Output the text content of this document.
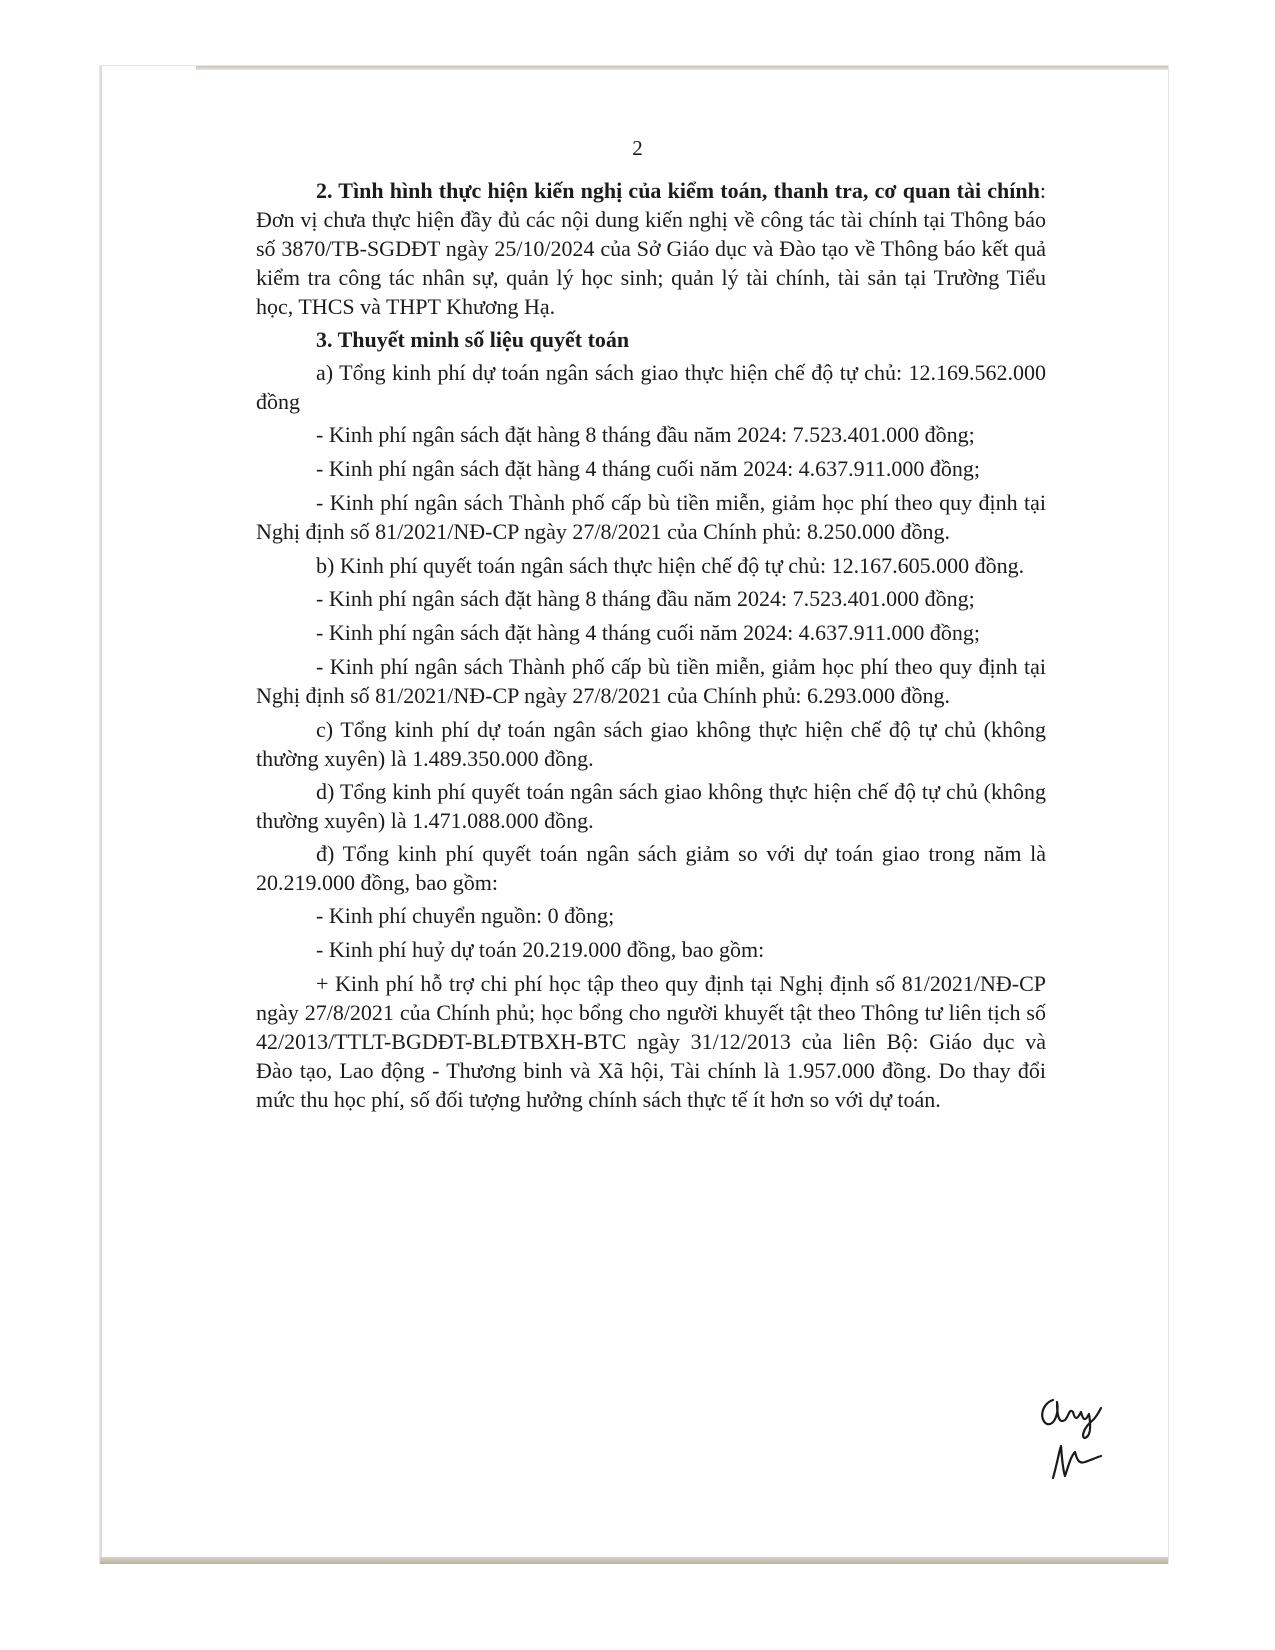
2

2. Tình hình thực hiện kiến nghị của kiểm toán, thanh tra, cơ quan tài chính: Đơn vị chưa thực hiện đầy đủ các nội dung kiến nghị về công tác tài chính tại Thông báo số 3870/TB-SGDĐT ngày 25/10/2024 của Sở Giáo dục và Đào tạo về Thông báo kết quả kiểm tra công tác nhân sự, quản lý học sinh; quản lý tài chính, tài sản tại Trường Tiểu học, THCS và THPT Khương Hạ.

3. Thuyết minh số liệu quyết toán

a) Tổng kinh phí dự toán ngân sách giao thực hiện chế độ tự chủ: 12.169.562.000 đồng

- Kinh phí ngân sách đặt hàng 8 tháng đầu năm 2024: 7.523.401.000 đồng;

- Kinh phí ngân sách đặt hàng 4 tháng cuối năm 2024: 4.637.911.000 đồng;

- Kinh phí ngân sách Thành phố cấp bù tiền miễn, giảm học phí theo quy định tại Nghị định số 81/2021/NĐ-CP ngày 27/8/2021 của Chính phủ: 8.250.000 đồng.

b) Kinh phí quyết toán ngân sách thực hiện chế độ tự chủ: 12.167.605.000 đồng.

- Kinh phí ngân sách đặt hàng 8 tháng đầu năm 2024: 7.523.401.000 đồng;

- Kinh phí ngân sách đặt hàng 4 tháng cuối năm 2024: 4.637.911.000 đồng;

- Kinh phí ngân sách Thành phố cấp bù tiền miễn, giảm học phí theo quy định tại Nghị định số 81/2021/NĐ-CP ngày 27/8/2021 của Chính phủ: 6.293.000 đồng.

c) Tổng kinh phí dự toán ngân sách giao không thực hiện chế độ tự chủ (không thường xuyên) là 1.489.350.000 đồng.

d) Tổng kinh phí quyết toán ngân sách giao không thực hiện chế độ tự chủ (không thường xuyên) là 1.471.088.000 đồng.

đ) Tổng kinh phí quyết toán ngân sách giảm so với dự toán giao trong năm là 20.219.000 đồng, bao gồm:

- Kinh phí chuyển nguồn: 0 đồng;

- Kinh phí huỷ dự toán 20.219.000 đồng, bao gồm:

+ Kinh phí hỗ trợ chi phí học tập theo quy định tại Nghị định số 81/2021/NĐ-CP ngày 27/8/2021 của Chính phủ; học bổng cho người khuyết tật theo Thông tư liên tịch số 42/2013/TTLT-BGDĐT-BLĐTBXH-BTC ngày 31/12/2013 của liên Bộ: Giáo dục và Đào tạo, Lao động - Thương binh và Xã hội, Tài chính là 1.957.000 đồng. Do thay đổi mức thu học phí, số đối tượng hưởng chính sách thực tế ít hơn so với dự toán.
